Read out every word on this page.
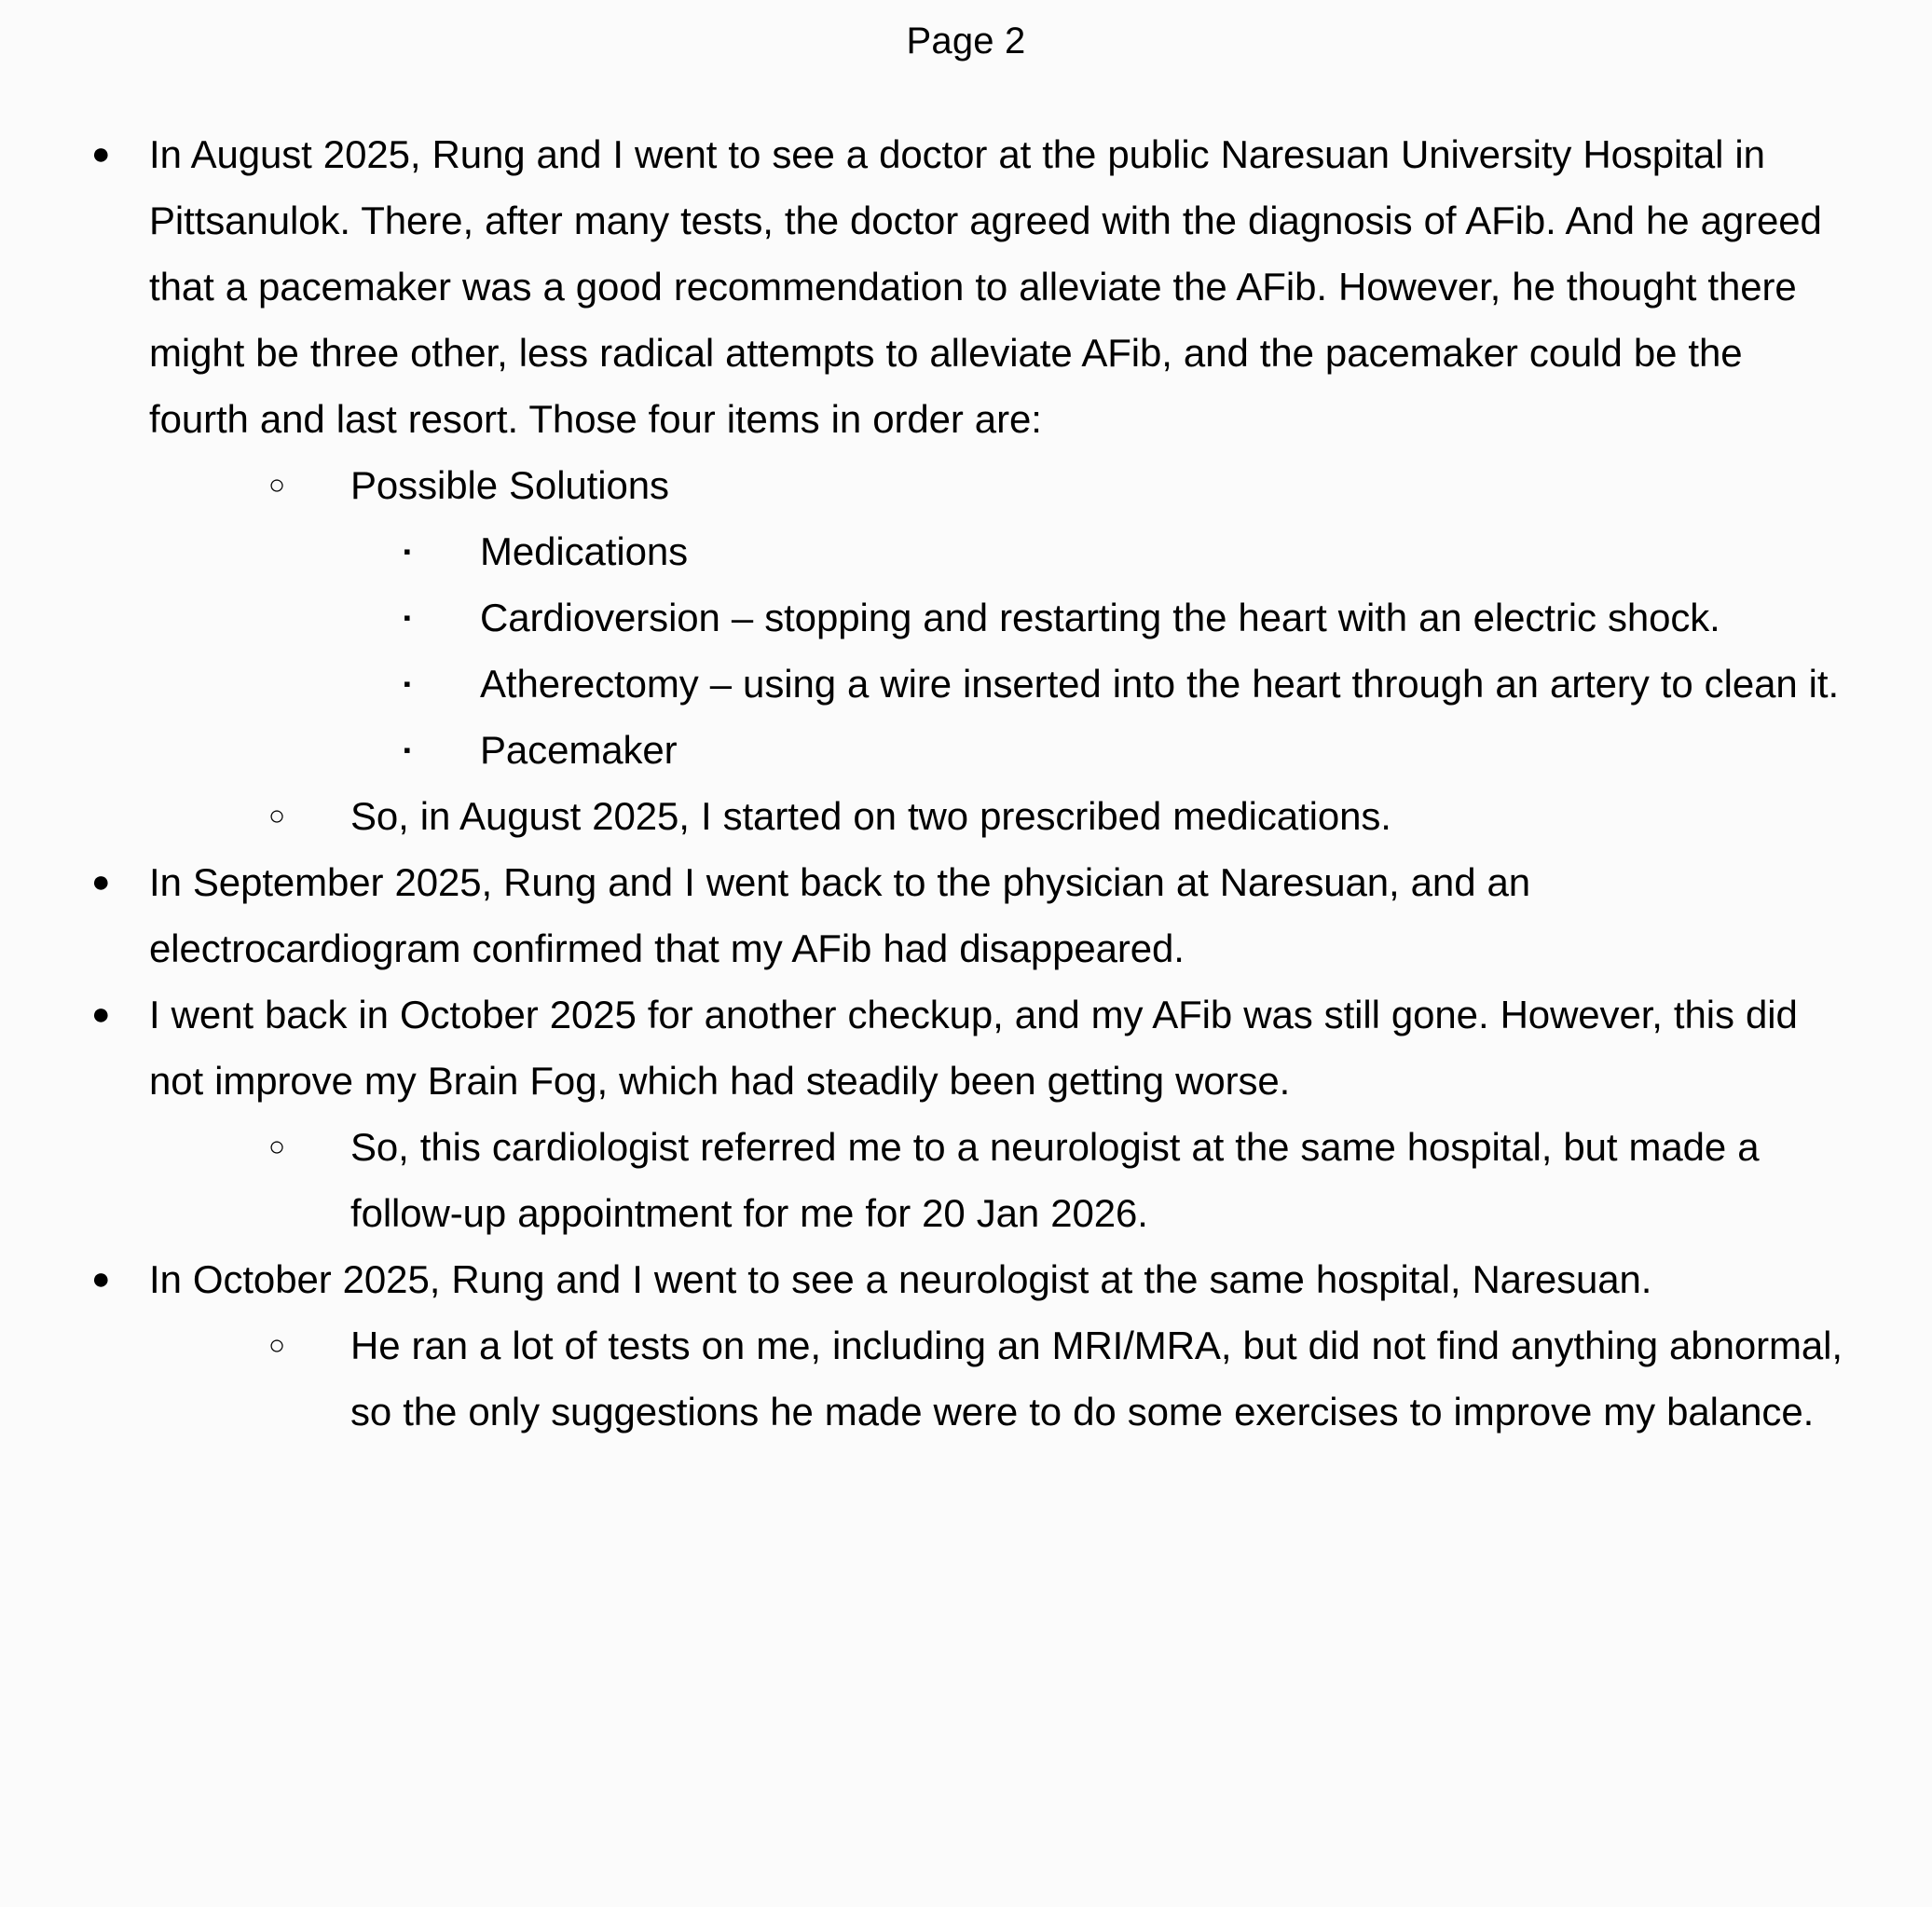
Page 2
●
In August 2025, Rung and I went to see a doctor at the public Naresuan University Hospital in Pittsanulok. There, after many tests, the doctor agreed with the diagnosis of AFib. And he agreed that a pacemaker was a good recommendation to alleviate the AFib. However, he thought there might be three other, less radical attempts to alleviate AFib, and the pacemaker could be the fourth and last resort. Those four items in order are:
○
Possible Solutions
▪
Medications
▪
Cardioversion – stopping and restarting the heart with an electric shock.
▪
Atherectomy – using a wire inserted into the heart through an artery to clean it.
▪
Pacemaker
○
So, in August 2025, I started on two prescribed medications.
●
In September 2025, Rung and I went back to the physician at Naresuan, and an electrocardiogram confirmed that my AFib had disappeared.
●
I went back in October 2025 for another checkup, and my AFib was still gone. However, this did not improve my Brain Fog, which had steadily been getting worse.
○
So, this cardiologist referred me to a neurologist at the same hospital, but made a follow-up appointment for me for 20 Jan 2026.
●
In October 2025, Rung and I went to see a neurologist at the same hospital, Naresuan.
○
He ran a lot of tests on me, including an MRI/MRA, but did not find anything abnormal, so the only suggestions he made were to do some exercises to improve my balance.
